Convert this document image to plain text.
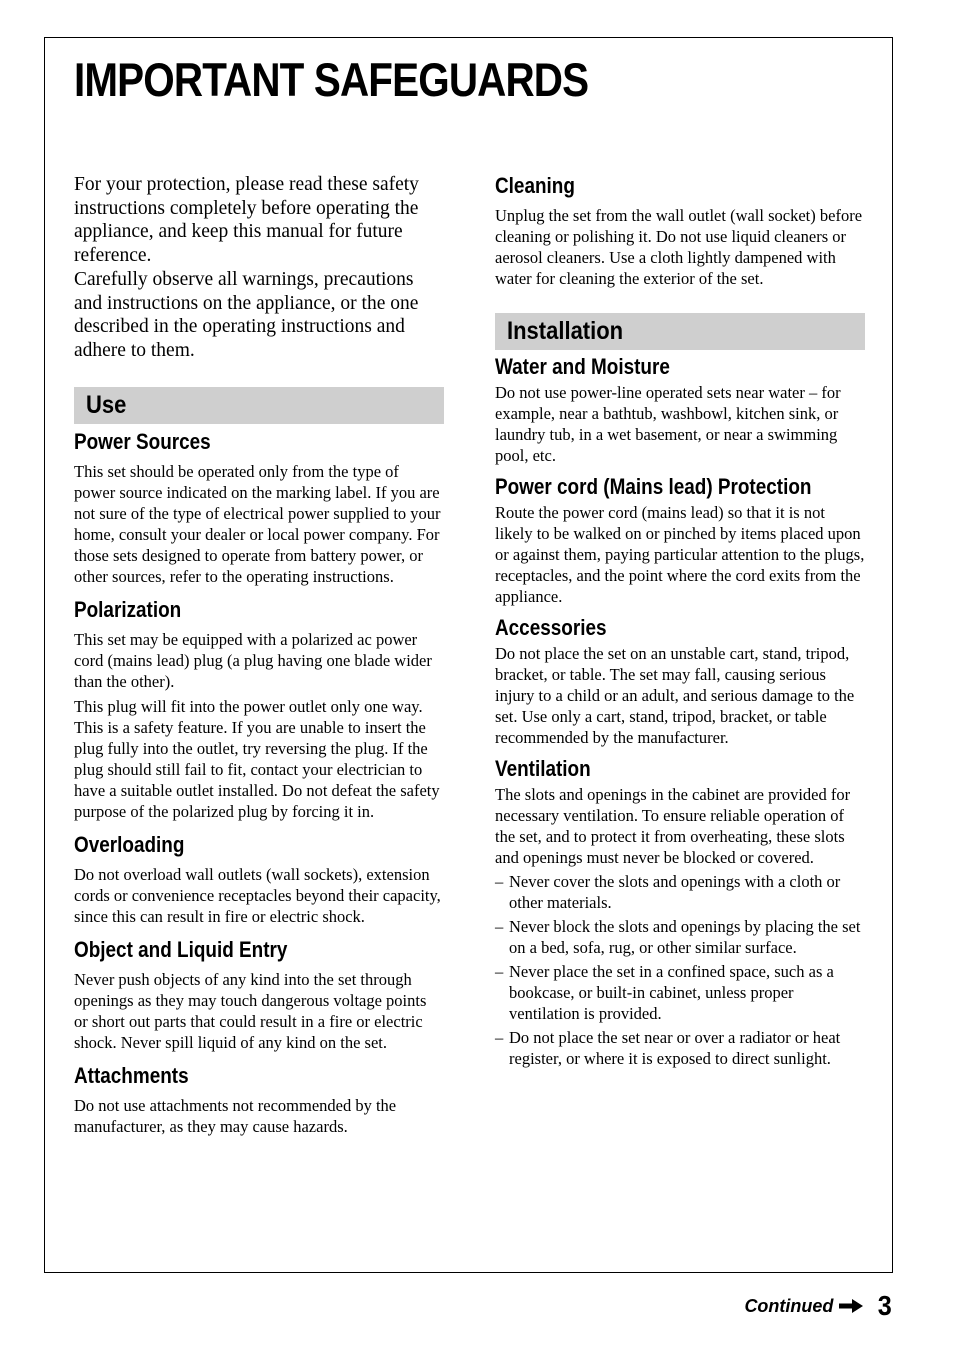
IMPORTANT SAFEGUARDS

For your protection, please read these safety instructions completely before operating the appliance, and keep this manual for future reference.

Carefully observe all warnings, precautions and instructions on the appliance, or the one described in the operating instructions and adhere to them.

Use
Power Sources

This set should be operated only from the type of power source indicated on the marking label. If you are not sure of the type of electrical power supplied to your home, consult your dealer or local power company. For those sets designed to operate from battery power, or other sources, refer to the operating instructions.

Polarization

This set may be equipped with a polarized ac power cord (mains lead) plug (a plug having one blade wider than the other).

This plug will fit into the power outlet only one way. This is a safety feature. If you are unable to insert the plug fully into the outlet, try reversing the plug. If the plug should still fail to fit, contact your electrician to have a suitable outlet installed. Do not defeat the safety purpose of the polarized plug by forcing it in.

Overloading

Do not overload wall outlets (wall sockets), extension cords or convenience receptacles beyond their capacity, since this can result in fire or electric shock.

Object and Liquid Entry

Never push objects of any kind into the set through openings as they may touch dangerous voltage points or short out parts that could result in a fire or electric shock. Never spill liquid of any kind on the set.

Attachments

Do not use attachments not recommended by the manufacturer, as they may cause hazards.

Cleaning

Unplug the set from the wall outlet (wall socket) before cleaning or polishing it. Do not use liquid cleaners or aerosol cleaners. Use a cloth lightly dampened with water for cleaning the exterior of the set.

Installation
Water and Moisture

Do not use power-line operated sets near water – for example, near a bathtub, washbowl, kitchen sink, or laundry tub, in a wet basement, or near a swimming pool, etc.

Power cord (Mains lead) Protection

Route the power cord (mains lead) so that it is not likely to be walked on or pinched by items placed upon or against them, paying particular attention to the plugs, receptacles, and the point where the cord exits from the appliance.

Accessories

Do not place the set on an unstable cart, stand, tripod, bracket, or table. The set may fall, causing serious injury to a child or an adult, and serious damage to the set. Use only a cart, stand, tripod, bracket, or table recommended by the manufacturer.

Ventilation

The slots and openings in the cabinet are provided for necessary ventilation. To ensure reliable operation of the set, and to protect it from overheating, these slots and openings must never be blocked or covered.

– Never cover the slots and openings with a cloth or other materials.
– Never block the slots and openings by placing the set on a bed, sofa, rug, or other similar surface.
– Never place the set in a confined space, such as a bookcase, or built-in cabinet, unless proper ventilation is provided.
– Do not place the set near or over a radiator or heat register, or where it is exposed to direct sunlight.
Continued 3
